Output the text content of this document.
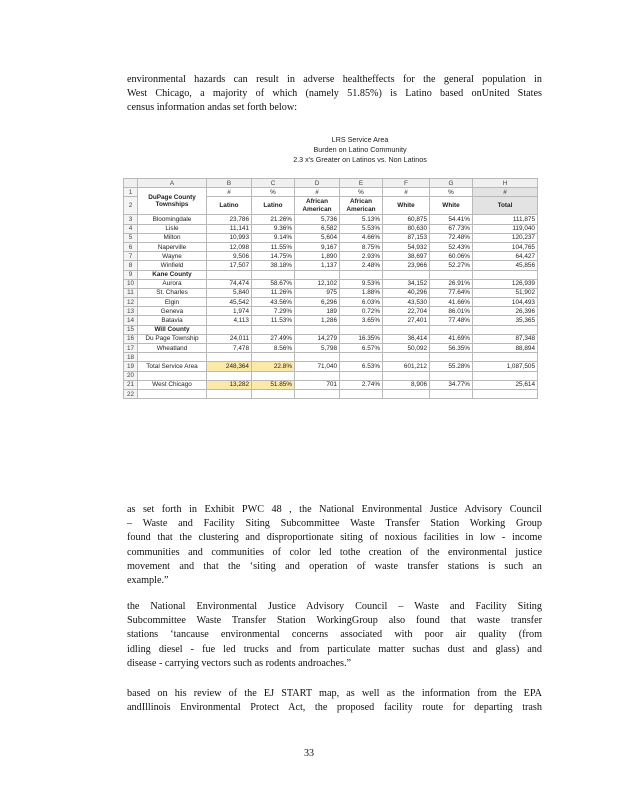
environmental hazards can result in adverse healtheffects for the general population in
West Chicago, a majority of which (namely 51.85%) is Latino based onUnited States
census information andas set forth below:
LRS Service Area
Burden on Latino Community
2.3 x's Greater on Latinos vs. Non Latinos
	A	B	C	D	E	F	G	H
1	DuPage County
Townships	#	%	#	%	#	%	#
2		Latino	Latino	African American	African American	White	White	Total
3	Bloomingdale	23,786	21.26%	5,736	5.13%	60,875	54.41%	111,875
4	Lisle	11,141	9.36%	6,582	5.53%	80,630	67.73%	119,040
5	Milton	10,993	9.14%	5,604	4.66%	87,153	72.48%	120,237
6	Naperville	12,098	11.55%	9,167	8.75%	54,932	52.43%	104,765
7	Wayne	9,506	14.75%	1,890	2.93%	38,697	60.06%	64,427
8	Winfield	17,507	38.18%	1,137	2.48%	23,966	52.27%	45,856
9	Kane County							
10	Aurora	74,474	58.67%	12,102	9.53%	34,152	26.91%	126,939
11	St. Charles	5,840	11.26%	975	1.88%	40,296	77.64%	51,902
12	Elgin	45,542	43.56%	6,296	6.03%	43,530	41.66%	104,493
13	Geneva	1,974	7.29%	189	0.72%	22,704	86.01%	26,396
14	Batavia	4,113	11.53%	1,286	3.65%	27,401	77.48%	35,365
15	Will County							
16	Du Page Township	24,011	27.49%	14,279	16.35%	36,414	41.69%	87,348
17	Wheatland	7,478	8.56%	5,798	6.57%	50,092	56.35%	88,894
18								
19	Total Service Area	248,364	22.8%	71,040	6.53%	601,212	55.28%	1,087,505
20								
21	West Chicago	13,282	51.85%	701	2.74%	8,906	34.77%	25,614
22								
as set forth in Exhibit PWC 48 , the National Environmental Justice Advisory Council
– Waste and Facility Siting Subcommittee Waste Transfer Station Working Group
found that the clustering and disproportionate siting of noxious facilities in low - income
communities and communities of color led tothe creation of the environmental justice
movement and that the ‘siting and operation of waste transfer stations is such an
example.”
the National Environmental Justice Advisory Council – Waste and Facility Siting
Subcommittee Waste Transfer Station WorkingGroup also found that waste transfer
stations ‘tancause environmental concerns associated with poor air quality (from
idling diesel - fue led trucks and from particulate matter suchas dust and glass) and
disease - carrying vectors such as rodents androaches.”
based on his review of the EJ START map, as well as the information from the EPA
andIllinois Environmental Protect Act, the proposed facility route for departing trash
33
